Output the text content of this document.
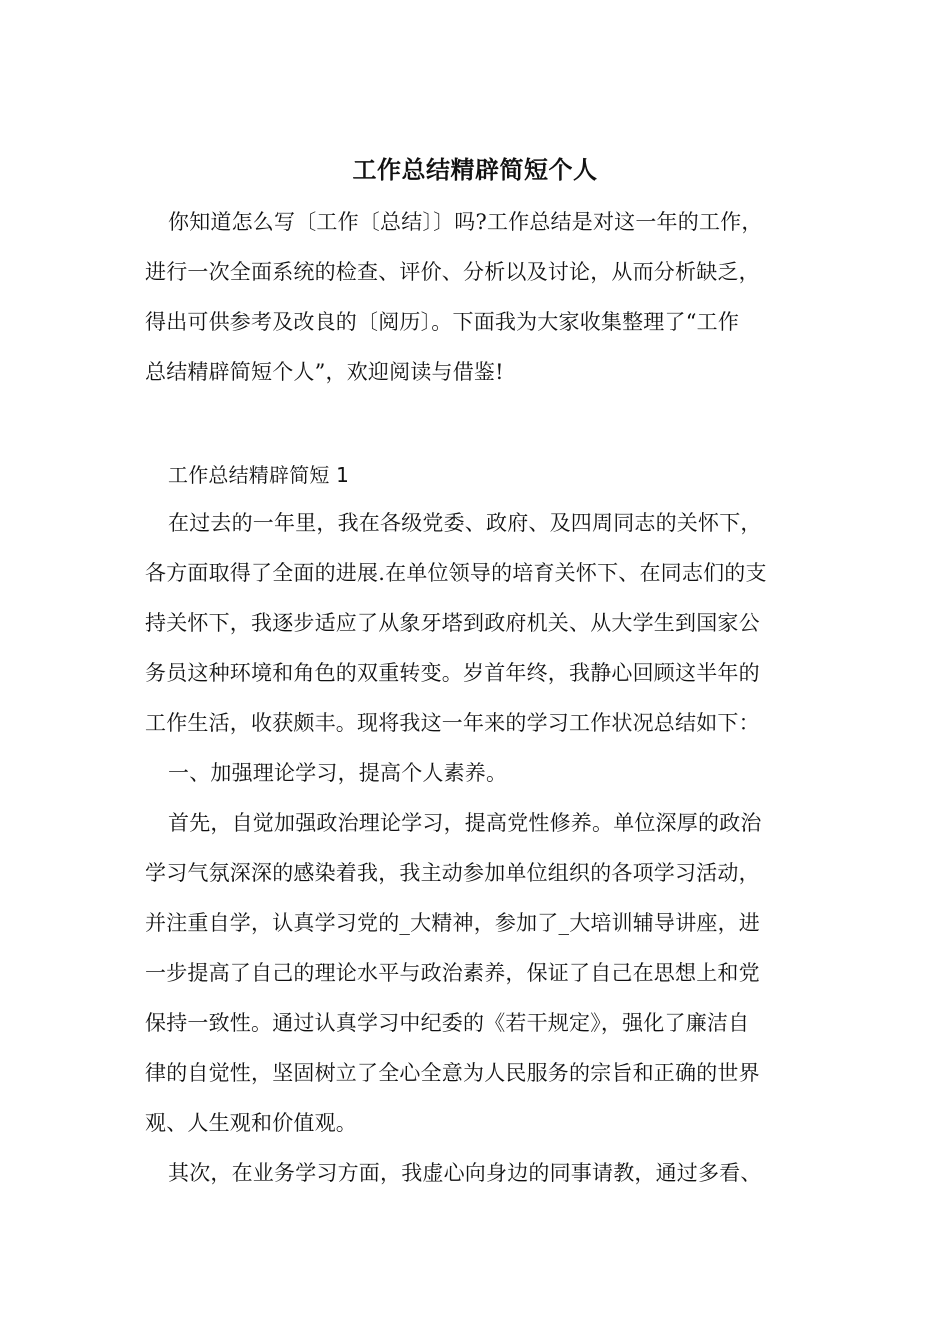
工作总结精辟简短个人
你知道怎么写〔工作〔总结〕〕吗?工作总结是对这一年的工作，
进行一次全面系统的检查、评价、分析以及讨论，从而分析缺乏，
得出可供参考及改良的〔阅历〕。下面我为大家收集整理了“工作
总结精辟简短个人”，欢迎阅读与借鉴!
工作总结精辟简短 1
在过去的一年里，我在各级党委、政府、及四周同志的关怀下，
各方面取得了全面的进展.在单位领导的培育关怀下、在同志们的支
持关怀下，我逐步适应了从象牙塔到政府机关、从大学生到国家公
务员这种环境和角色的双重转变。岁首年终，我静心回顾这半年的
工作生活，收获颇丰。现将我这一年来的学习工作状况总结如下：
一、加强理论学习，提高个人素养。
首先，自觉加强政治理论学习，提高党性修养。单位深厚的政治
学习气氛深深的感染着我，我主动参加单位组织的各项学习活动，
并注重自学，认真学习党的_大精神，参加了_大培训辅导讲座，进
一步提高了自己的理论水平与政治素养，保证了自己在思想上和党
保持一致性。通过认真学习中纪委的《若干规定》，强化了廉洁自
律的自觉性，坚固树立了全心全意为人民服务的宗旨和正确的世界
观、人生观和价值观。
其次，在业务学习方面，我虚心向身边的同事请教，通过多看、
